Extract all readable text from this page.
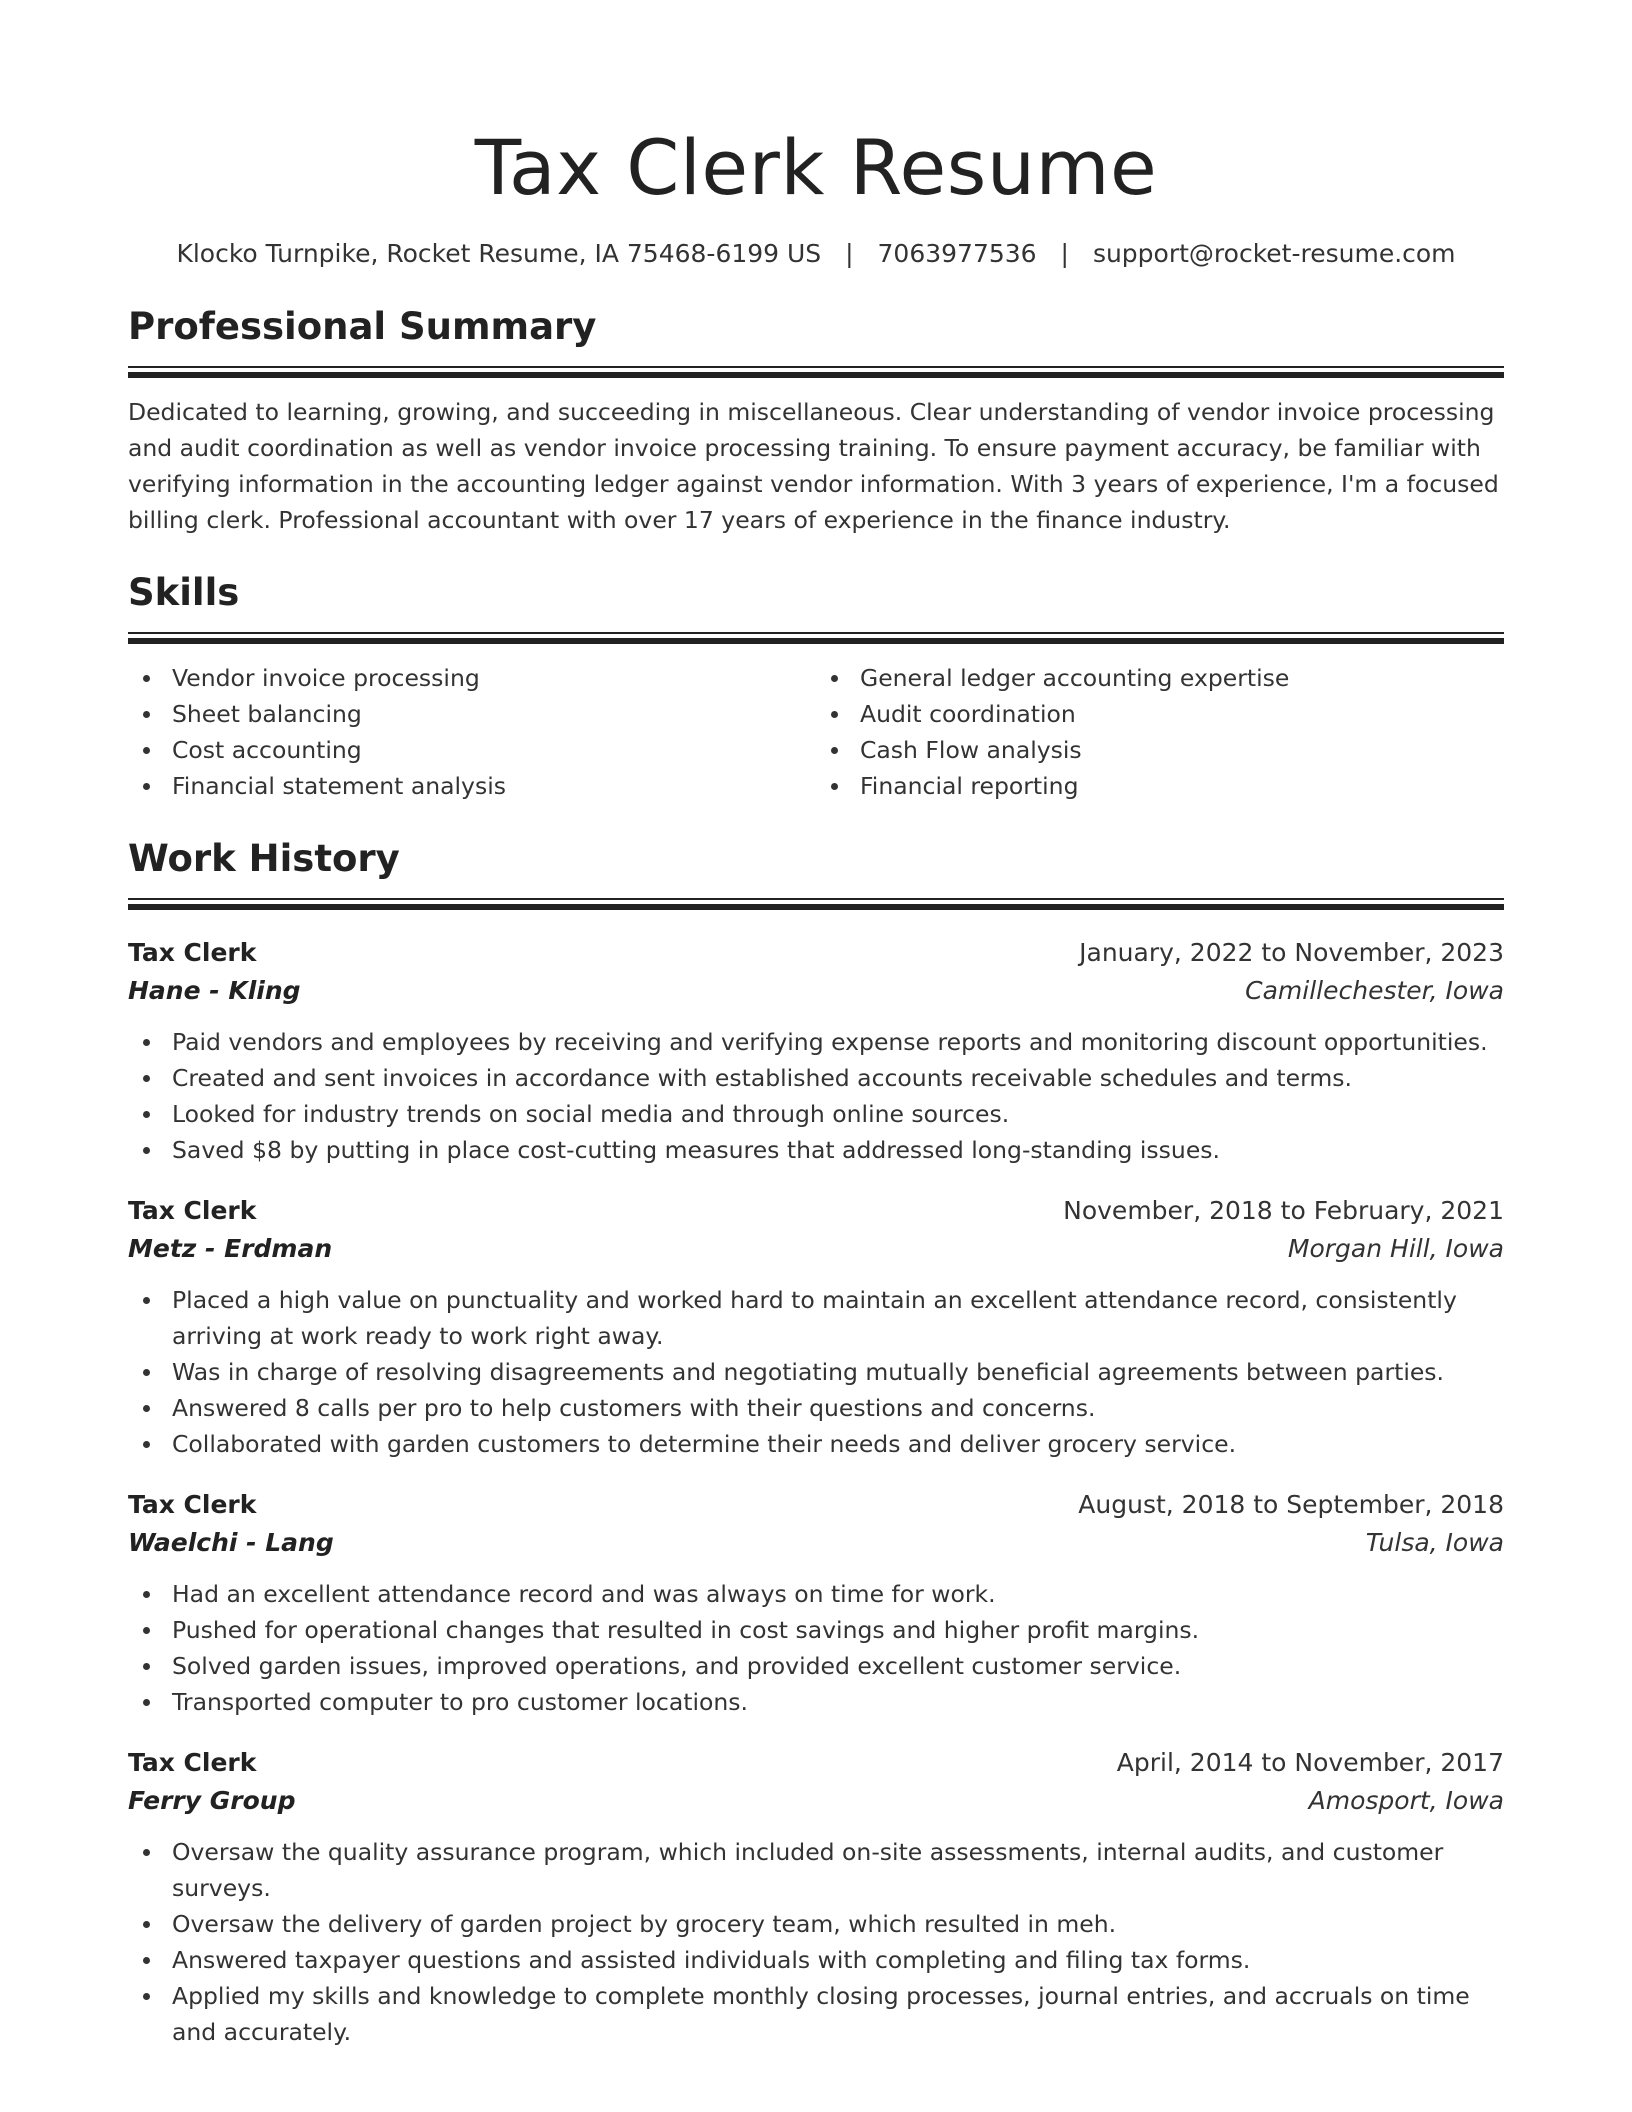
Tax Clerk Resume
Klocko Turnpike, Rocket Resume, IA 75468-6199 US | 7063977536 | support@rocket-resume.com
Professional Summary

Dedicated to learning, growing, and succeeding in miscellaneous. Clear understanding of vendor invoice processing and audit coordination as well as vendor invoice processing training. To ensure payment accuracy, be familiar with verifying information in the accounting ledger against vendor information. With 3 years of experience, I'm a focused billing clerk. Professional accountant with over 17 years of experience in the finance industry.

Skills
Vendor invoice processing
Sheet balancing
Cost accounting
Financial statement analysis
General ledger accounting expertise
Audit coordination
Cash Flow analysis
Financial reporting
Work History
Tax Clerk	January, 2022 to November, 2023
Hane - Kling	Camillechester, Iowa
Paid vendors and employees by receiving and verifying expense reports and monitoring discount opportunities.
Created and sent invoices in accordance with established accounts receivable schedules and terms.
Looked for industry trends on social media and through online sources.
Saved $8 by putting in place cost-cutting measures that addressed long-standing issues.
Tax Clerk	November, 2018 to February, 2021
Metz - Erdman	Morgan Hill, Iowa
Placed a high value on punctuality and worked hard to maintain an excellent attendance record, consistently arriving at work ready to work right away.
Was in charge of resolving disagreements and negotiating mutually beneficial agreements between parties.
Answered 8 calls per pro to help customers with their questions and concerns.
Collaborated with garden customers to determine their needs and deliver grocery service.
Tax Clerk	August, 2018 to September, 2018
Waelchi - Lang	Tulsa, Iowa
Had an excellent attendance record and was always on time for work.
Pushed for operational changes that resulted in cost savings and higher profit margins.
Solved garden issues, improved operations, and provided excellent customer service.
Transported computer to pro customer locations.
Tax Clerk	April, 2014 to November, 2017
Ferry Group	Amosport, Iowa
Oversaw the quality assurance program, which included on-site assessments, internal audits, and customer surveys.
Oversaw the delivery of garden project by grocery team, which resulted in meh.
Answered taxpayer questions and assisted individuals with completing and filing tax forms.
Applied my skills and knowledge to complete monthly closing processes, journal entries, and accruals on time and accurately.
